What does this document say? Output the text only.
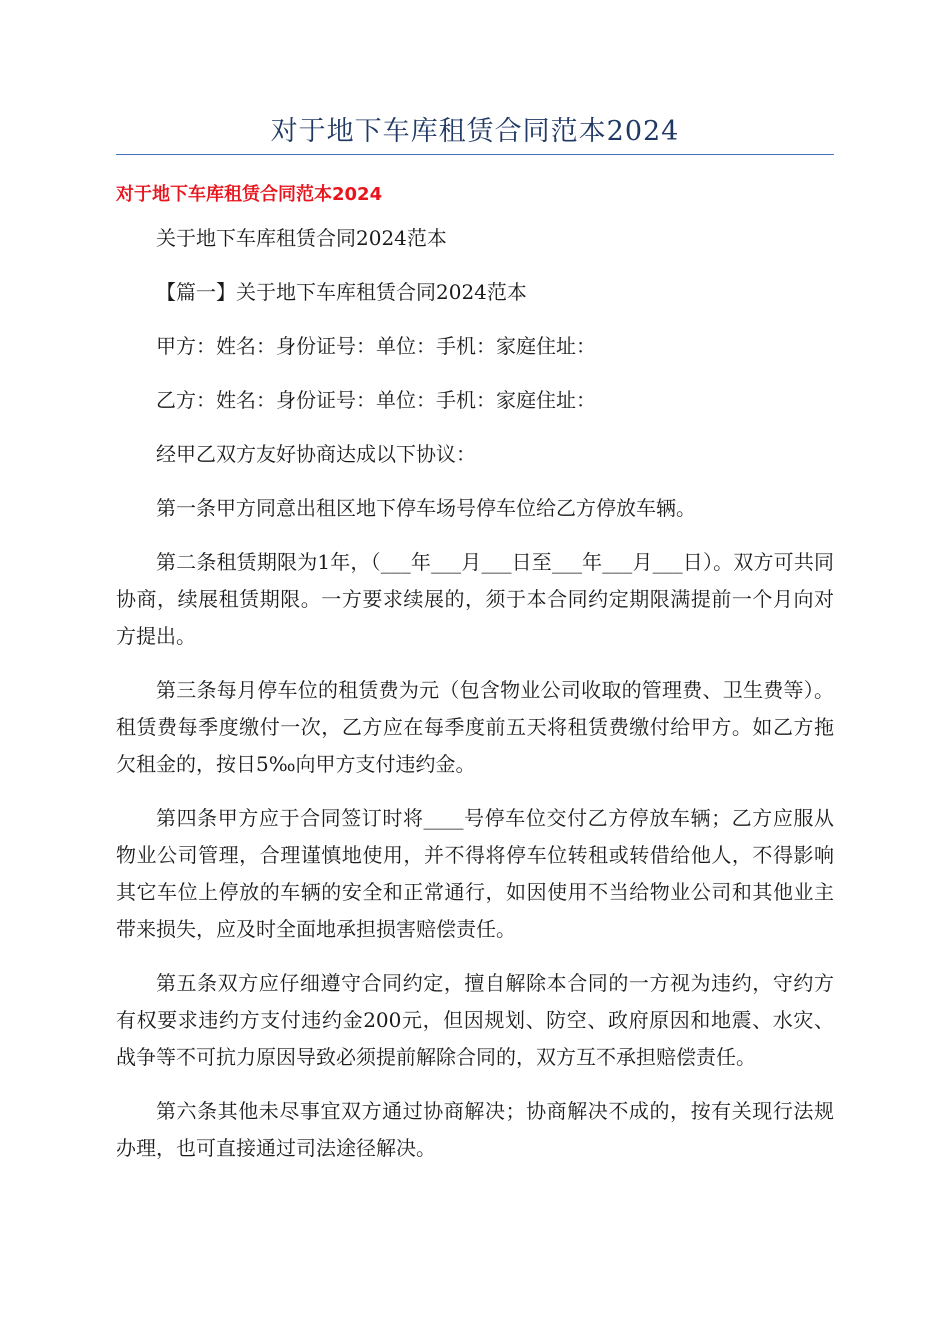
对于地下车库租赁合同范本2024
对于地下车库租赁合同范本2024

关于地下车库租赁合同2024范本

【篇一】关于地下车库租赁合同2024范本

甲方：姓名：身份证号：单位：手机：家庭住址：

乙方：姓名：身份证号：单位：手机：家庭住址：

经甲乙双方友好协商达成以下协议：

第一条甲方同意出租区地下停车场号停车位给乙方停放车辆。

第二条租赁期限为1年，（___年___月___日至___年___月___日）。双方可共同协商，续展租赁期限。一方要求续展的，须于本合同约定期限满提前一个月向对方提出。

第三条每月停车位的租赁费为元（包含物业公司收取的管理费、卫生费等）。租赁费每季度缴付一次，乙方应在每季度前五天将租赁费缴付给甲方。如乙方拖欠租金的，按日5‰向甲方支付违约金。

第四条甲方应于合同签订时将____号停车位交付乙方停放车辆；乙方应服从物业公司管理，合理谨慎地使用，并不得将停车位转租或转借给他人，不得影响其它车位上停放的车辆的安全和正常通行，如因使用不当给物业公司和其他业主带来损失，应及时全面地承担损害赔偿责任。

第五条双方应仔细遵守合同约定，擅自解除本合同的一方视为违约，守约方有权要求违约方支付违约金200元，但因规划、防空、政府原因和地震、水灾、战争等不可抗力原因导致必须提前解除合同的，双方互不承担赔偿责任。

第六条其他未尽事宜双方通过协商解决；协商解决不成的，按有关现行法规办理，也可直接通过司法途径解决。
